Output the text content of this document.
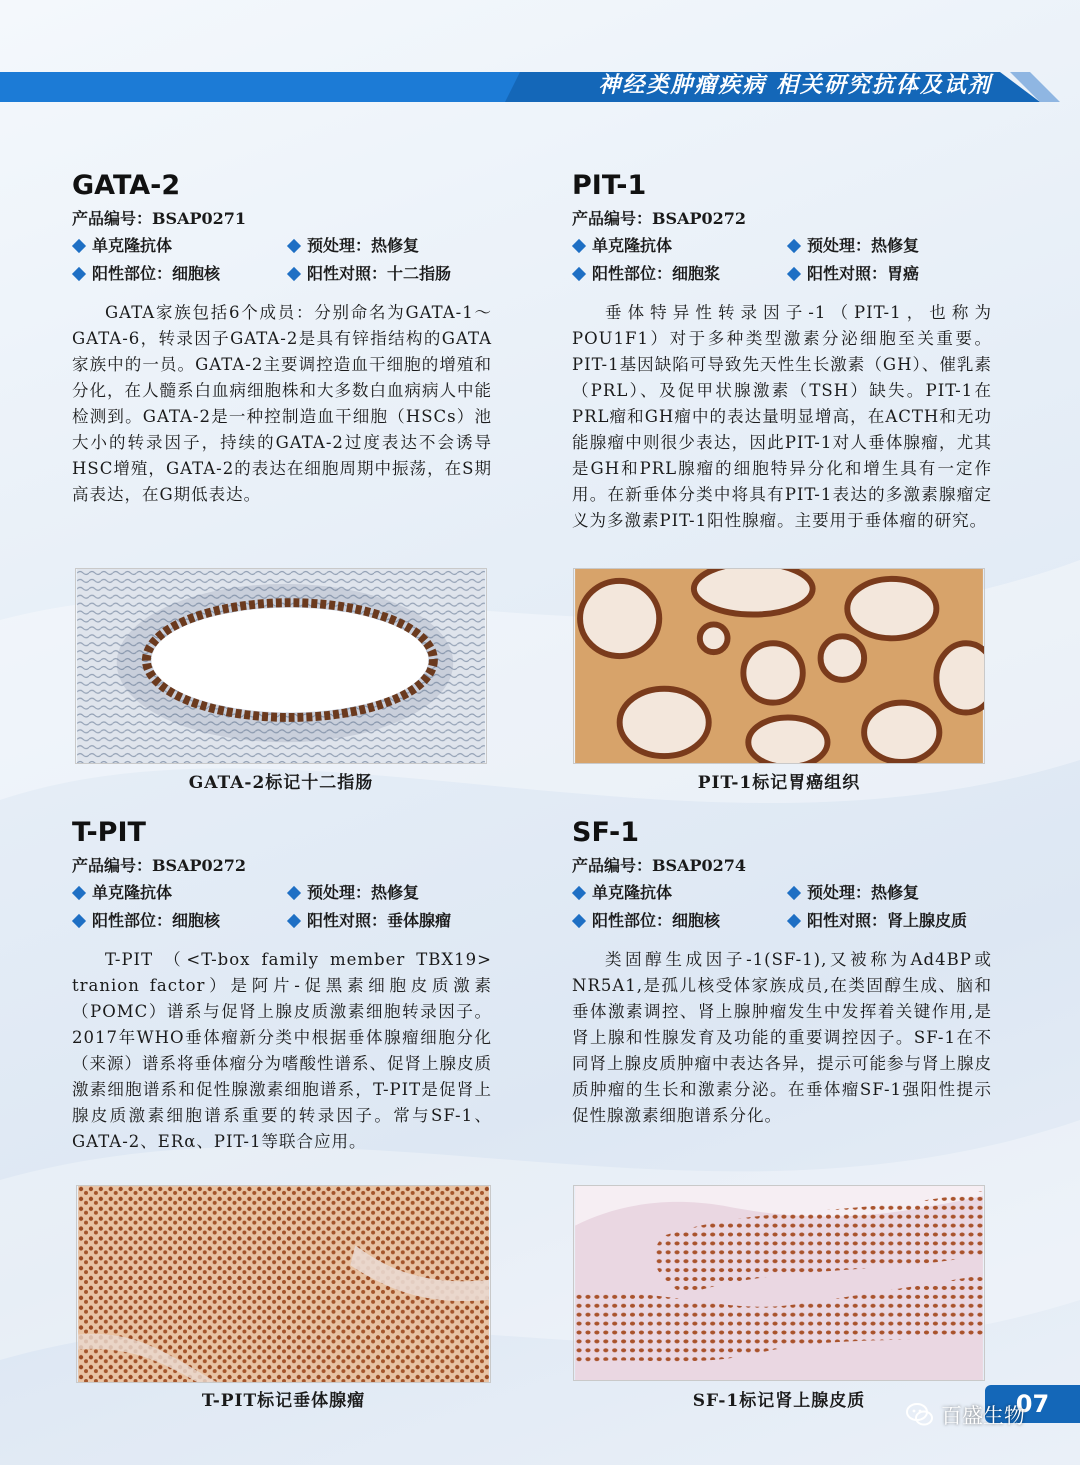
神经类肿瘤疾病 相关研究抗体及试剂
GATA-2
产品编号：BSAP0271
单克隆抗体	预处理：热修复
阳性部位：细胞核	阳性对照：十二指肠
GATA家族包括6个成员：分别命名为GATA-1～GATA-6，转录因子GATA-2是具有锌指结构的GATA家族中的一员。GATA-2主要调控造血干细胞的增殖和分化，在人髓系白血病细胞株和大多数白血病病人中能检测到。GATA-2是一种控制造血干细胞（HSCs）池大小的转录因子，持续的GATA-2过度表达不会诱导HSC增殖，GATA-2的表达在细胞周期中振荡，在S期高表达，在G期低表达。
GATA-2标记十二指肠
PIT-1
产品编号：BSAP0272
单克隆抗体	预处理：热修复
阳性部位：细胞浆	阳性对照：胃癌
垂体特异性转录因子-1（PIT-1，也称为POU1F1）对于多种类型激素分泌细胞至关重要。PIT-1基因缺陷可导致先天性生长激素（GH）、催乳素（PRL）、及促甲状腺激素（TSH）缺失。PIT-1在PRL瘤和GH瘤中的表达量明显增高，在ACTH和无功能腺瘤中则很少表达，因此PIT-1对人垂体腺瘤，尤其是GH和PRL腺瘤的细胞特异分化和增生具有一定作用。在新垂体分类中将具有PIT-1表达的多激素腺瘤定义为多激素PIT-1阳性腺瘤。主要用于垂体瘤的研究。
PIT-1标记胃癌组织
T-PIT
产品编号：BSAP0272
单克隆抗体	预处理：热修复
阳性部位：细胞核	阳性对照：垂体腺瘤
T-PIT （<T-box family member TBX19> tranion factor）是阿片-促黑素细胞皮质激素（POMC）谱系与促肾上腺皮质激素细胞转录因子。2017年WHO垂体瘤新分类中根据垂体腺瘤细胞分化（来源）谱系将垂体瘤分为嗜酸性谱系、促肾上腺皮质激素细胞谱系和促性腺激素细胞谱系，T-PIT是促肾上腺皮质激素细胞谱系重要的转录因子。常与SF-1、GATA-2、ERα、PIT-1等联合应用。
T-PIT标记垂体腺瘤
SF-1
产品编号：BSAP0274
单克隆抗体	预处理：热修复
阳性部位：细胞核	阳性对照：肾上腺皮质
类固醇生成因子-1(SF-1),又被称为Ad4BP或NR5A1,是孤儿核受体家族成员,在类固醇生成、脑和垂体激素调控、肾上腺肿瘤发生中发挥着关键作用,是肾上腺和性腺发育及功能的重要调控因子。SF-1在不同肾上腺皮质肿瘤中表达各异，提示可能参与肾上腺皮质肿瘤的生长和激素分泌。在垂体瘤SF-1强阳性提示促性腺激素细胞谱系分化。
SF-1标记肾上腺皮质	07
百盛生物
